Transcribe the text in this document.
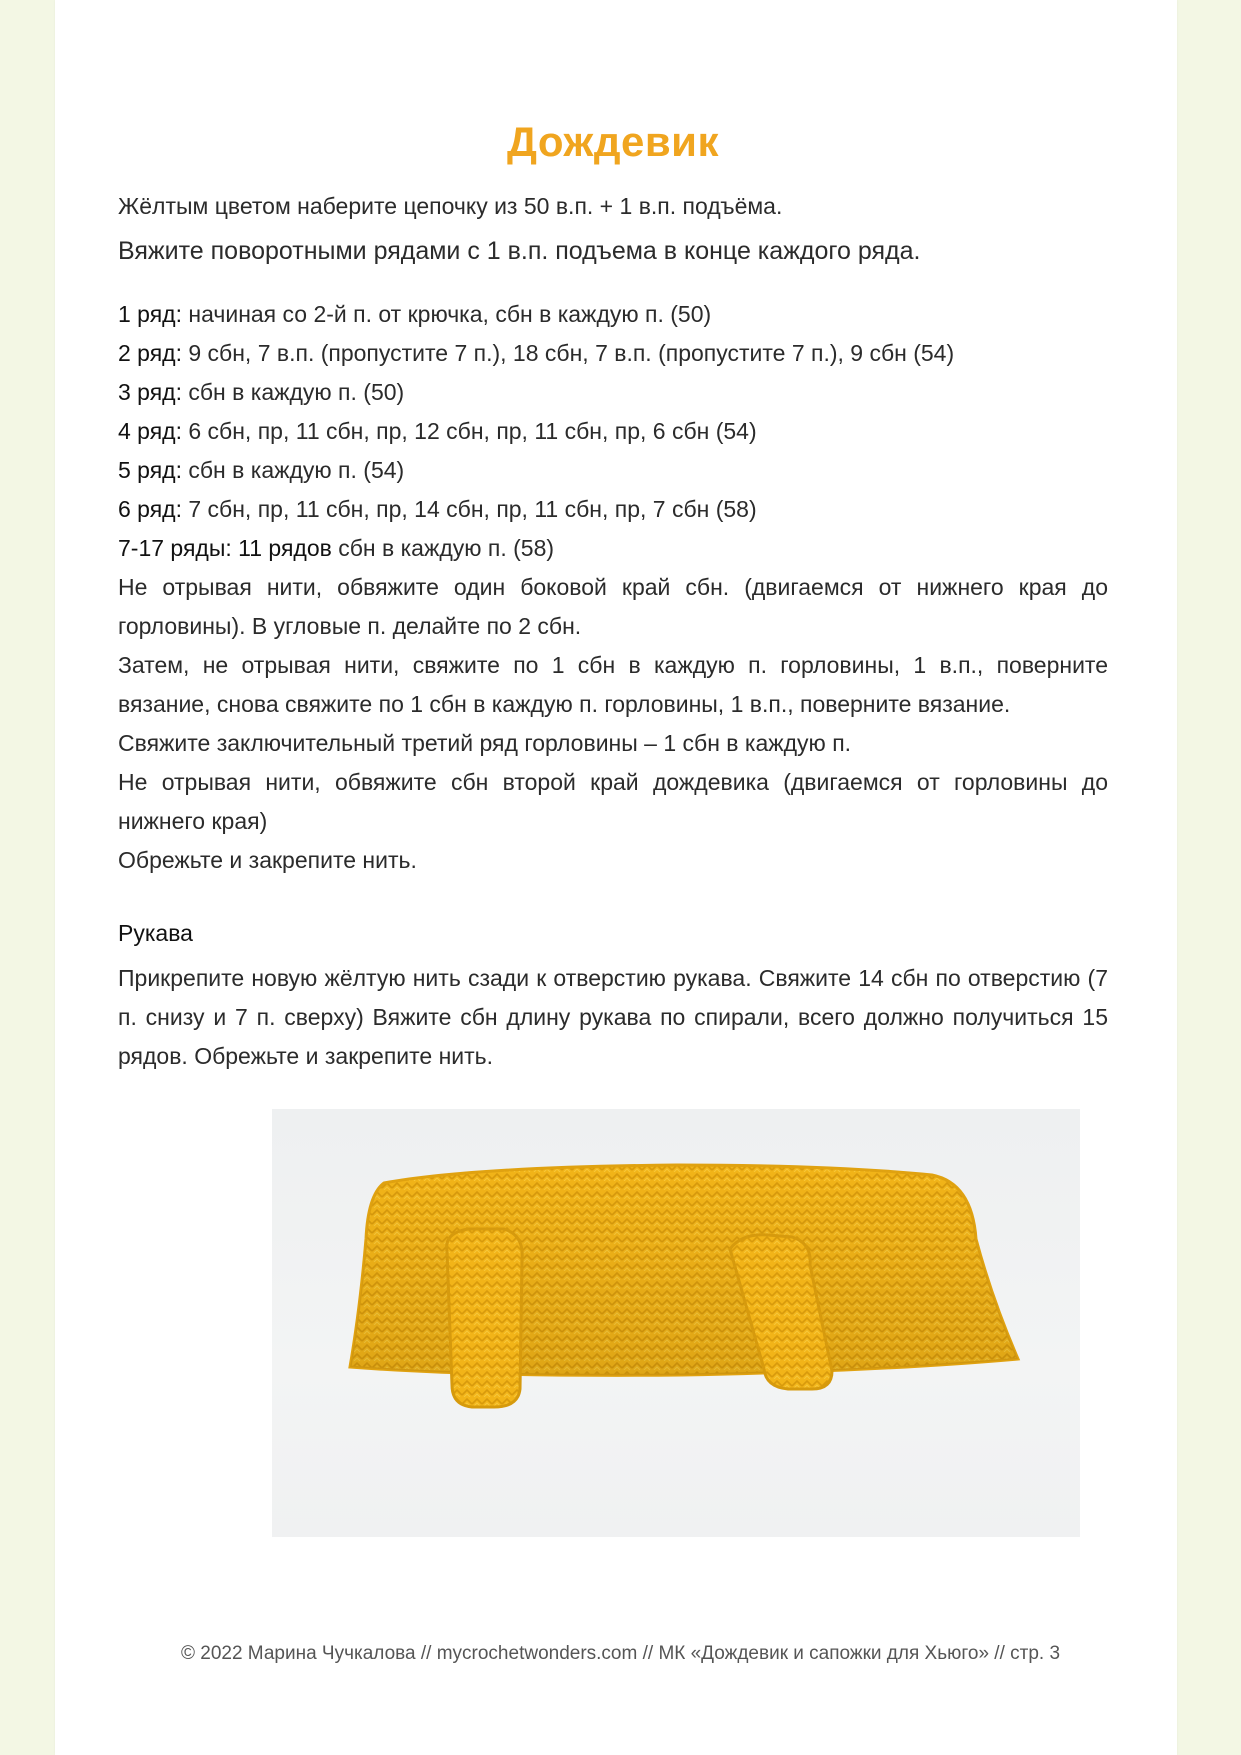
Дождевик
Жёлтым цветом наберите цепочку из 50 в.п. + 1 в.п. подъёма.
Вяжите поворотными рядами с 1 в.п. подъема в конце каждого ряда.
1 ряд: начиная со 2-й п. от крючка, сбн в каждую п. (50)
2 ряд: 9 сбн, 7 в.п. (пропустите 7 п.), 18 сбн, 7 в.п. (пропустите 7 п.), 9 сбн (54)
3 ряд: сбн в каждую п. (50)
4 ряд: 6 сбн, пр, 11 сбн, пр, 12 сбн, пр, 11 сбн, пр, 6 сбн (54)
5 ряд: сбн в каждую п. (54)
6 ряд: 7 сбн, пр, 11 сбн, пр, 14 сбн, пр, 11 сбн, пр, 7 сбн (58)
7-17 ряды: 11 рядов сбн в каждую п. (58)
Не отрывая нити, обвяжите один боковой край сбн. (двигаемся от нижнего края до горловины). В угловые п. делайте по 2 сбн.
Затем, не отрывая нити, свяжите по 1 сбн в каждую п. горловины, 1 в.п., поверните вязание, снова свяжите по 1 сбн в каждую п. горловины, 1 в.п., поверните вязание.
Свяжите заключительный третий ряд горловины – 1 сбн в каждую п.
Не отрывая нити, обвяжите сбн второй край дождевика (двигаемся от горловины до нижнего края)
Обрежьте и закрепите нить.
Рукава
Прикрепите новую жёлтую нить сзади к отверстию рукава. Свяжите 14 сбн по отверстию (7 п. снизу и 7 п. сверху) Вяжите сбн длину рукава по спирали, всего должно получиться 15 рядов. Обрежьте и закрепите нить.
© 2022 Марина Чучкалова // mycrochetwonders.com // МК «Дождевик и сапожки для Хьюго» // стр. 3
